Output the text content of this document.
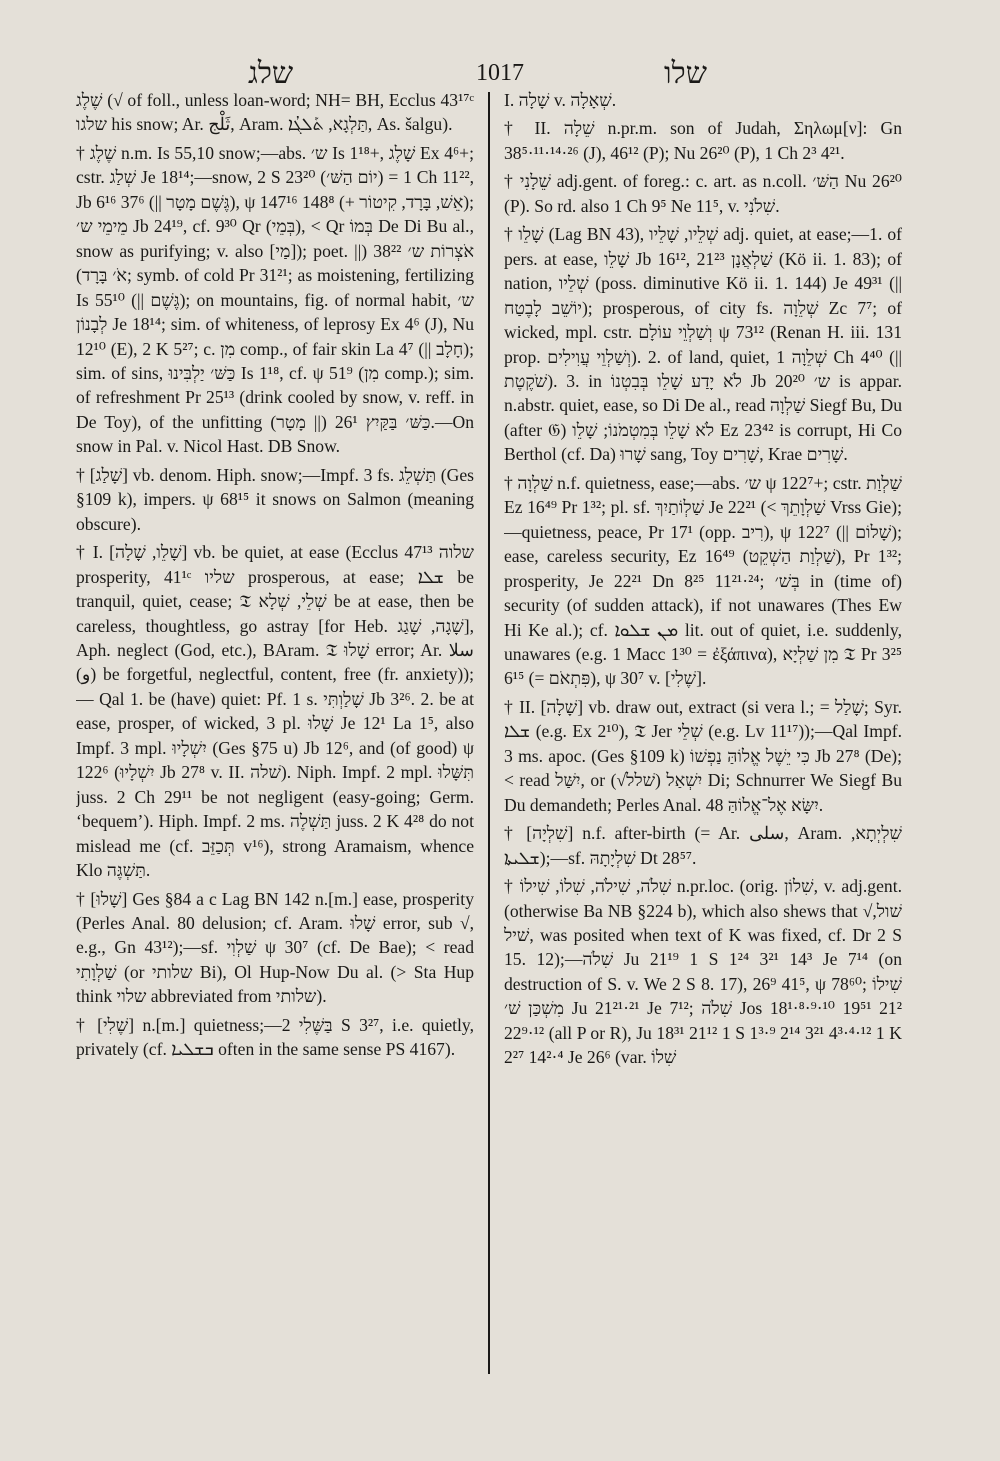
שלג	1017	שלו

שֶׁלֶג (√ of foll., unless loan-word; NH= BH, Ecclus 43¹⁷ᶜ שלגו his snow; Ar. ثَلْج, Aram. תַּלְגָא, ܬܰܠܓܳܐ, As. šalgu).

† שֶׁלֶג n.m. Is 55,10 snow;—abs. ש׳ Is 1¹⁸+, שָׁלֶג Ex 4⁶+; cstr. שְׁלַג Je 18¹⁴;—snow, 2 S 23²⁰ (יוֹם הַשּׁ׳) = 1 Ch 11²², Jb 6¹⁶ 37⁶ (|| גֶּשֶׁם מָטָר), ψ 147¹⁶ 148⁸ (+ אֵשׁ, בָּרָד, קִיטוֹר); מֵימֵי ש׳ Jb 24¹⁹, cf. 9³⁰ Qr (בְּמֵי), < Qr בְּמוֹ De Di Bu al., snow as purifying; v. also [מַי]); poet. אֹצְרוֹת ש׳ 38²² (|| אֹ׳ בָּרָד); symb. of cold Pr 31²¹; as moistening, fertilizing Is 55¹⁰ (|| גֶּשֶׁם); on mountains, fig. of normal habit, ש׳ לְבָנוֹן Je 18¹⁴; sim. of whiteness, of leprosy Ex 4⁶ (J), Nu 12¹⁰ (E), 2 K 5²⁷; c. מִן comp., of fair skin La 4⁷ (|| חָלָב); sim. of sins, כַּשּׁ׳ יַלְבִּינוּ Is 1¹⁸, cf. ψ 51⁹ (מִן comp.); sim. of refreshment Pr 25¹³ (drink cooled by snow, v. reff. in De Toy), of the unfitting כַּשּׁ׳ בַּקַּיִץ 26¹ (|| מָטָר).—On snow in Pal. v. Nicol Hast. DB Snow.

† [שָׁלַג] vb. denom. Hiph. snow;—Impf. 3 fs. תַּשְׁלֵג (Ges §109 k), impers. ψ 68¹⁵ it snows on Salmon (meaning obscure).

† I. [שָׁלֵו, שָׁלָה] vb. be quiet, at ease (Ecclus 47¹³ שלוה prosperity, 41¹ᶜ שליו prosperous, at ease; ܫܠܐ be tranquil, quiet, cease; 𝔗 שְׁלֵי, שְׁלָא be at ease, then be careless, thoughtless, go astray [for Heb. שָׁגָה, שָׁגַג], Aph. neglect (God, etc.), BAram. 𝔗 שָׁלוּ error; Ar. سلا (و) be forgetful, neglectful, content, free (fr. anxiety));— Qal 1. be (have) quiet: Pf. 1 s. שָׁלַוְתִּי Jb 3²⁶. 2. be at ease, prosper, of wicked, 3 pl. שָׁלוּ Je 12¹ La 1⁵, also Impf. 3 mpl. יִשְׁלָיוּ (Ges §75 u) Jb 12⁶, and (of good) ψ 122⁶ (יִשְׁלָיוּ Jb 27⁸ v. II. שׁלה). Niph. Impf. 2 mpl. תִּשָּׁלוּ juss. 2 Ch 29¹¹ be not negligent (easy-going; Germ. ‘bequem’). Hiph. Impf. 2 ms. תַּשְׁלֶה juss. 2 K 4²⁸ do not mislead me (cf. תְּכַזֵּב v¹⁶), strong Aramaism, whence Klo תַּשְׁגֶּה.

† [שָׁלוּ] Ges §84 a c Lag BN 142 n.[m.] ease, prosperity (Perles Anal. 80 delusion; cf. Aram. שָׁלוּ error, sub √, e.g., Gn 43¹²);—sf. שַׁלְוִי ψ 30⁷ (cf. De Bae); < read שַׁלְוָתִי (or שלותי Bi), Ol Hup-Now Du al. (> Sta Hup think שלוי abbreviated from שלותי).

† [שֶׁלִי] n.[m.] quietness;—בַּשֶּׁלִי 2 S 3²⁷, i.e. quietly, privately (cf. ܒܫܠܝܐ often in the same sense PS 4167).

I. שָׁלָה v. שְׁאָלָה.

† II. שֵׁלָה n.pr.m. son of Judah, Σηλωμ[ν]: Gn 38⁵·¹¹·¹⁴·²⁶ (J), 46¹² (P); Nu 26²⁰ (P), 1 Ch 2³ 4²¹.

† שֵׁלָנִי adj.gent. of foreg.: c. art. as n.coll. הַשּׁ׳ Nu 26²⁰ (P). So rd. also 1 Ch 9⁵ Ne 11⁵, v. שִׁלֹנִי.

† שָׁלֵו (Lag BN 43), שְׁלֵיו, שָׁלֵיו adj. quiet, at ease;—1. of pers. at ease, שָׁלֵו Jb 16¹², שַׁלְאֲנָן 21²³ (Kö ii. 1. 83); of nation, שְׁלֵיו (poss. diminutive Kö ii. 1. 144) Je 49³¹ (|| יוֹשֵׁב לָבֶטַח); prosperous, of city fs. שְׁלֵוָה Zc 7⁷; of wicked, mpl. cstr. וְשַׁלְוֵי עוֹלָם ψ 73¹² (Renan H. iii. 131 prop. וְשַׁלְוֵי עֲוִילִים). 2. of land, quiet, שְׁלֵוָה 1 Ch 4⁴⁰ (|| שֹׁקֶטֶת). 3. in לֹא יָדַע שָׁלֵו בְּבִטְנוֹ Jb 20²⁰ ש׳ is appar. n.abstr. quiet, ease, so Di De al., read שַׁלְוָה Siegf Bu, Du (after 𝔊) לֹא שָׁלֵו בְּמִטְמֹנוֹ; שָׁלֵו Ez 23⁴² is corrupt, Hi Co Berthol (cf. Da) שָׁרוּ sang, Toy שָׁרִים, Krae שָׁרִים.

† שַׁלְוָה n.f. quietness, ease;—abs. ש׳ ψ 122⁷+; cstr. שַׁלְוַת Ez 16⁴⁹ Pr 1³²; pl. sf. שַׁלְוֹתַיִךְ Je 22²¹ (< שַׁלְוָתֵךְ Vrss Gie);—quietness, peace, Pr 17¹ (opp. רִיב), ψ 122⁷ (|| שָׁלוֹם); ease, careless security, Ez 16⁴⁹ (שַׁלְוַת הַשְׁקֵט), Pr 1³²; prosperity, Je 22²¹ Dn 8²⁵ 11²¹·²⁴; בְּשׁ׳ in (time of) security (of sudden attack), if not unawares (Thes Ew Hi Ke al.); cf. ܡܢ ܫܠܘܐ lit. out of quiet, i.e. suddenly, unawares (e.g. 1 Macc 1³⁰ = ἐξάπινα), מִן שַׁלְיָא 𝔗 Pr 3²⁵ 6¹⁵ (= פִּתְאֹם), ψ 30⁷ v. [שֶׁלִי].

† II. [שָׁלָה] vb. draw out, extract (si vera l.; = שָׁלַל; Syr. ܫܠܐ (e.g. Ex 2¹⁰), 𝔗 Jer שְׁלֵי (e.g. Lv 11¹⁷));—Qal Impf. 3 ms. apoc. (Ges §109 k) כִּי יֵשֶׁל אֱלוֹהַּ נַפְשׁוֹ Jb 27⁸ (De); < read יִשַּׁל, or יִשְׁאַל (שׁלל√) Di; Schnurrer We Siegf Bu Du demandeth; Perles Anal. 48 יִשָּׂא אֶל־אֱלוֹהַּ.

† [שִׁלְיָה] n.f. after-birth (= Ar. سلى, Aram. שִׁלְיְתָא, ܫܠܝܬܐ);—sf. שִׁלְיָתָהּ Dt 28⁵⁷.

† שִׁלֹה, שִׁילֹה, שִׁלוֹ, שִׁילוֹ n.pr.loc. (orig. שִׁלוֹן, v. adj.gent. (otherwise Ba NB §224 b), which also shews that √שׁול, שׁיל, was posited when text of K was fixed, cf. Dr 2 S 15. 12);—שִׁלֹה Ju 21¹⁹ 1 S 1²⁴ 3²¹ 14³ Je 7¹⁴ (on destruction of S. v. We 2 S 8. 17), 26⁹ 41⁵, ψ 78⁶⁰; שִׁילוֹ מִשְׁכַּן שׁ׳ Ju 21²¹·²¹ Je 7¹²; שִׁלֹה Jos 18¹·⁸·⁹·¹⁰ 19⁵¹ 21² 22⁹·¹² (all P or R), Ju 18³¹ 21¹² 1 S 1³·⁹ 2¹⁴ 3²¹ 4³·⁴·¹² 1 K 2²⁷ 14²·⁴ Je 26⁶ (var. שִׁלוֹ
